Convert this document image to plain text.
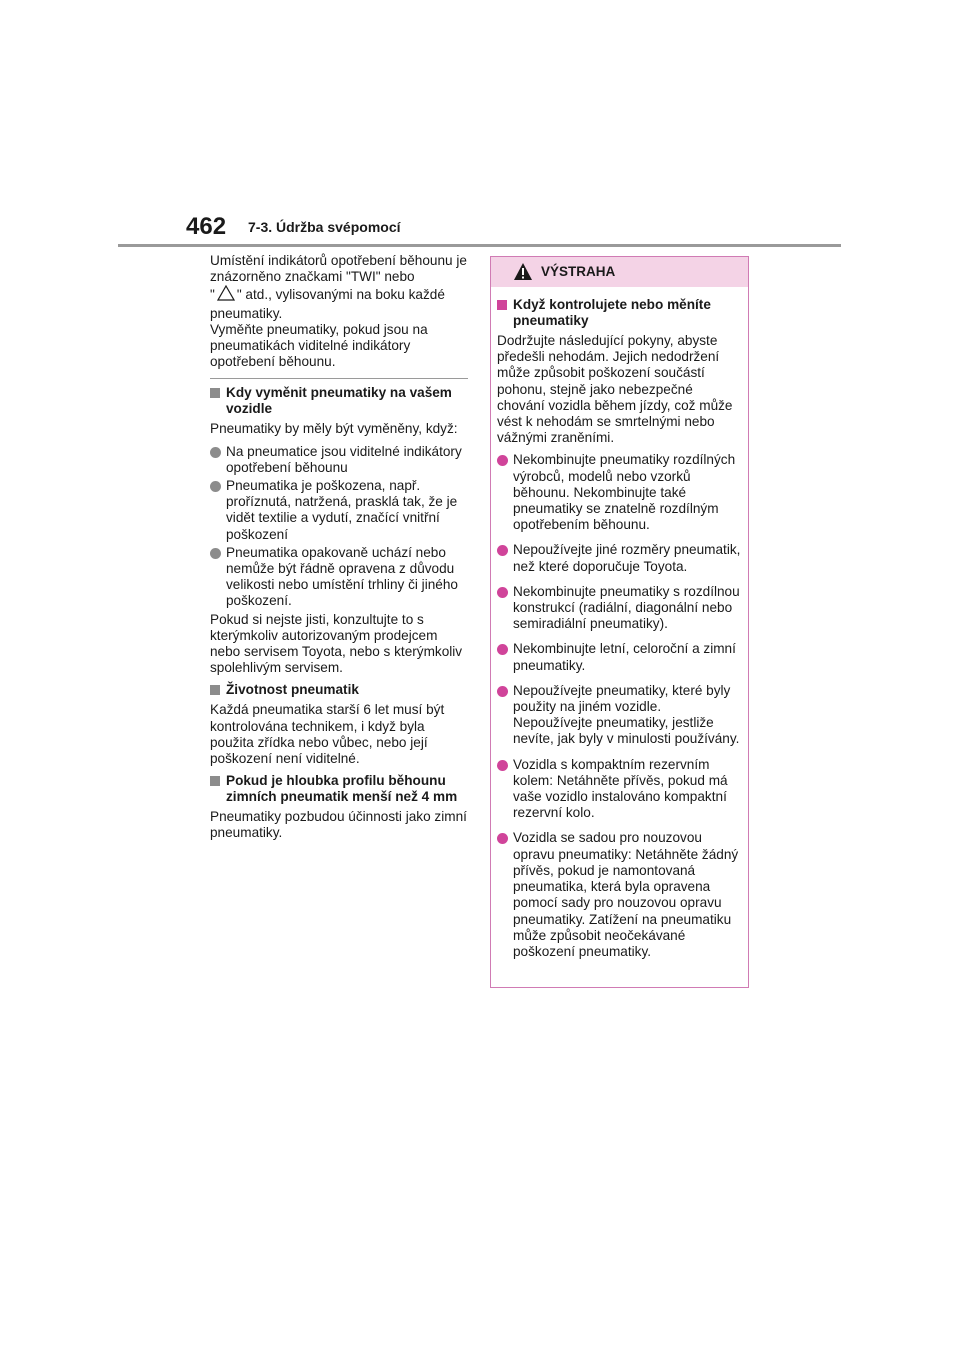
462 7-3. Údržba svépomocí

Umístění indikátorů opotřebení běhounu je znázorněno značkami "TWI" nebo
" " atd., vylisovanými na boku každé pneumatiky.
Vyměňte pneumatiky, pokud jsou na pneumatikách viditelné indikátory opotřebení běhounu.

Kdy vyměnit pneumatiky na vašem vozidle

Pneumatiky by měly být vyměněny, když:

Na pneumatice jsou viditelné indikátory opotřebení běhounu
Pneumatika je poškozena, např. proříznutá, natržená, prasklá tak, že je vidět textilie a vydutí, značící vnitřní poškození
Pneumatika opakovaně uchází nebo nemůže být řádně opravena z důvodu velikosti nebo umístění trhliny či jiného poškození.

Pokud si nejste jisti, konzultujte to s kterýmkoliv autorizovaným prodejcem nebo servisem Toyota, nebo s kterýmkoliv spolehlivým servisem.

Životnost pneumatik

Každá pneumatika starší 6 let musí být kontrolována technikem, i když byla použita zřídka nebo vůbec, nebo její poškození není viditelné.

Pokud je hloubka profilu běhounu zimních pneumatik menší než 4 mm

Pneumatiky pozbudou účinnosti jako zimní pneumatiky.

VÝSTRAHA
Když kontrolujete nebo měníte pneumatiky

Dodržujte následující pokyny, abyste předešli nehodám. Jejich nedodržení může způsobit poškození součástí pohonu, stejně jako nebezpečné chování vozidla během jízdy, což může vést k nehodám se smrtelnými nebo vážnými zraněními.

Nekombinujte pneumatiky rozdílných výrobců, modelů nebo vzorků běhounu. Nekombinujte také pneumatiky se znatelně rozdílným opotřebením běhounu.
Nepoužívejte jiné rozměry pneumatik, než které doporučuje Toyota.
Nekombinujte pneumatiky s rozdílnou konstrukcí (radiální, diagonální nebo semiradiální pneumatiky).
Nekombinujte letní, celoroční a zimní pneumatiky.
Nepoužívejte pneumatiky, které byly použity na jiném vozidle. Nepoužívejte pneumatiky, jestliže nevíte, jak byly v minulosti používány.
Vozidla s kompaktním rezervním kolem: Netáhněte přívěs, pokud má vaše vozidlo instalováno kompaktní rezervní kolo.
Vozidla se sadou pro nouzovou opravu pneumatiky: Netáhněte žádný přívěs, pokud je namontovaná pneumatika, která byla opravena pomocí sady pro nouzovou opravu pneumatiky. Zatížení na pneumatiku může způsobit neočekávané poškození pneumatiky.
